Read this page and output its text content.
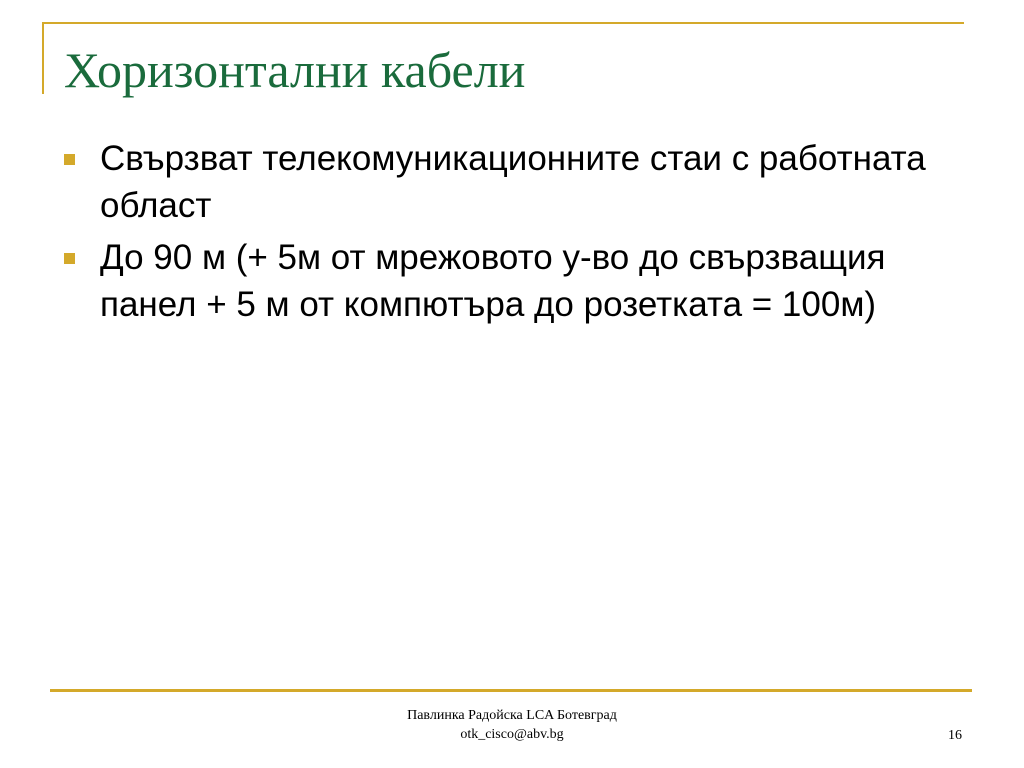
Хоризонтални кабели
Свързват телекомуникационните стаи с работната област
До 90 м (+ 5м от мрежовото у-во до свързващия панел + 5 м от компютъра до розетката = 100м)
Павлинка Радойска LCA Ботевград
otk_cisco@abv.bg	16
